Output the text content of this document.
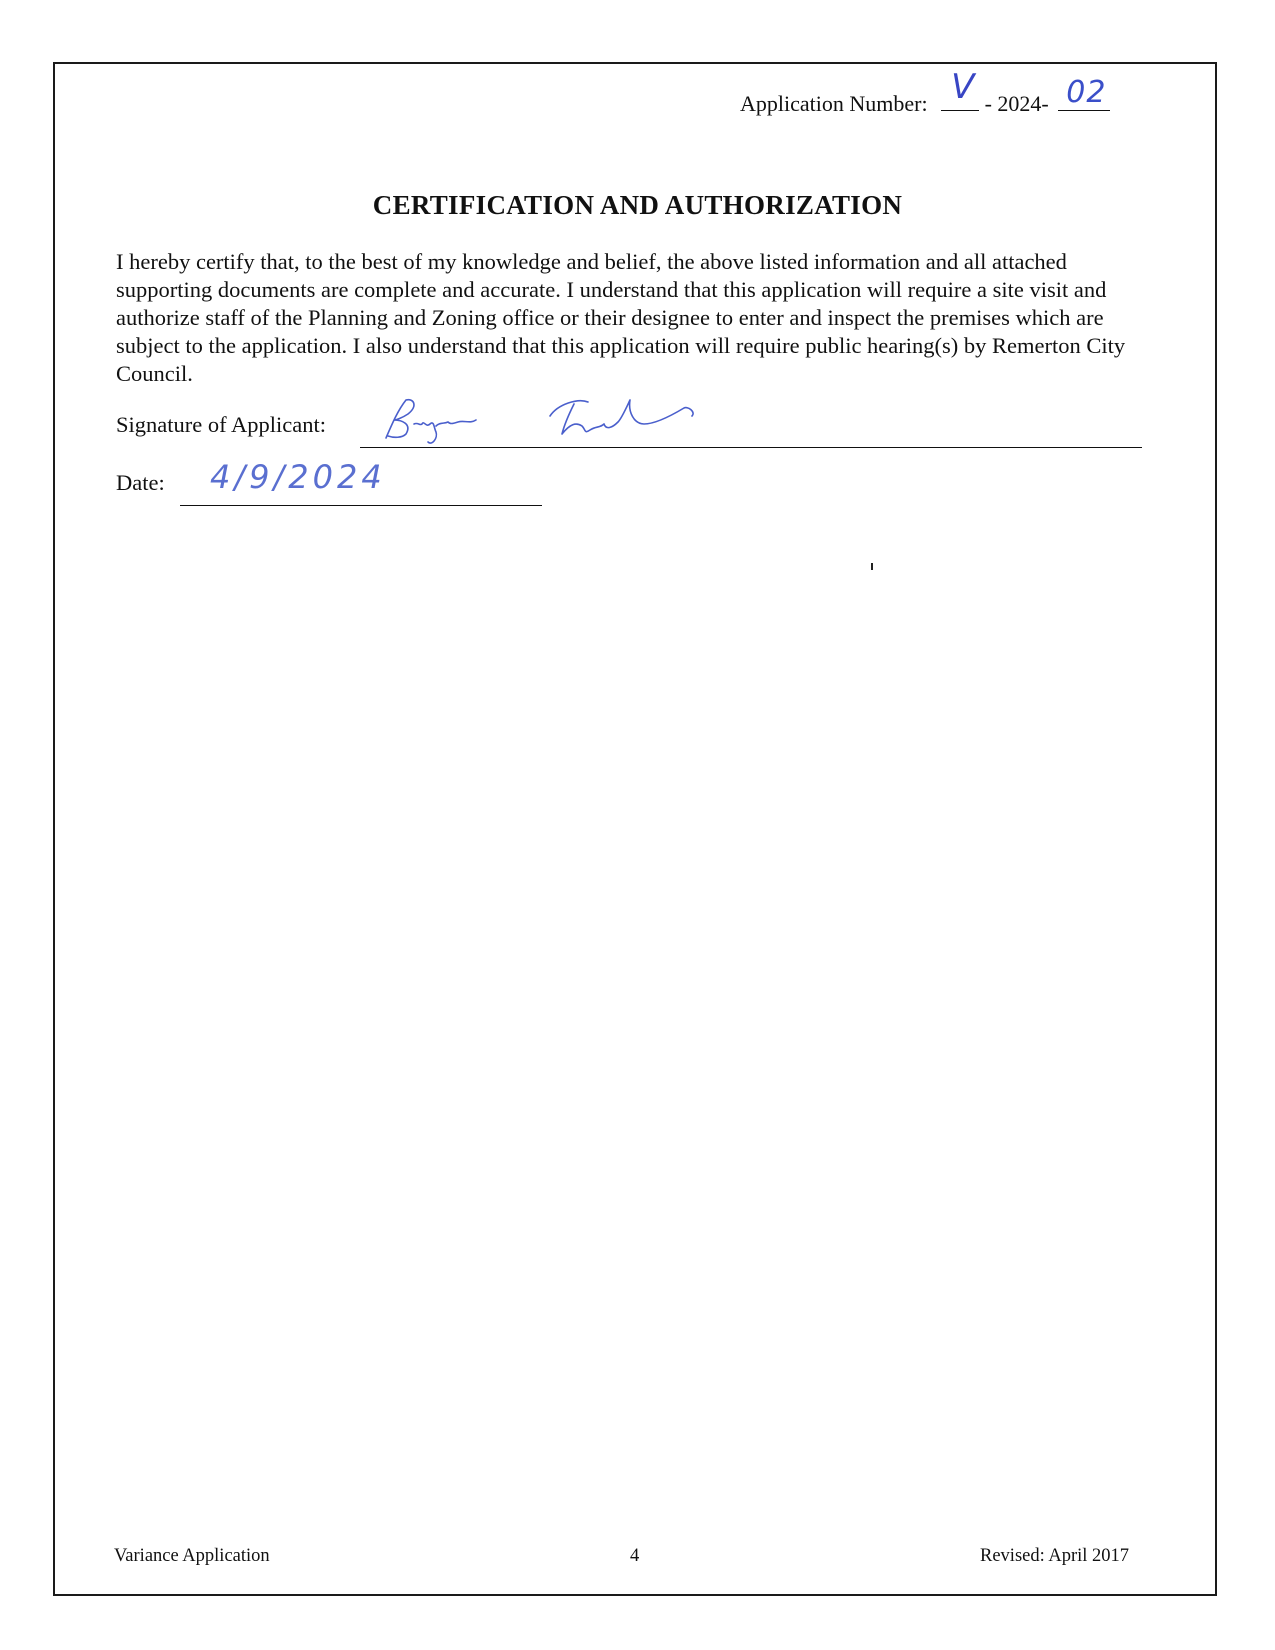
Application Number: V - 2024- 02
CERTIFICATION AND AUTHORIZATION
I hereby certify that, to the best of my knowledge and belief, the above listed information and all attached supporting documents are complete and accurate. I understand that this application will require a site visit and authorize staff of the Planning and Zoning office or their designee to enter and inspect the premises which are subject to the application. I also understand that this application will require public hearing(s) by Remerton City Council.
Signature of Applicant:
Date: 4/9/2024
Variance Application	4	Revised: April 2017
